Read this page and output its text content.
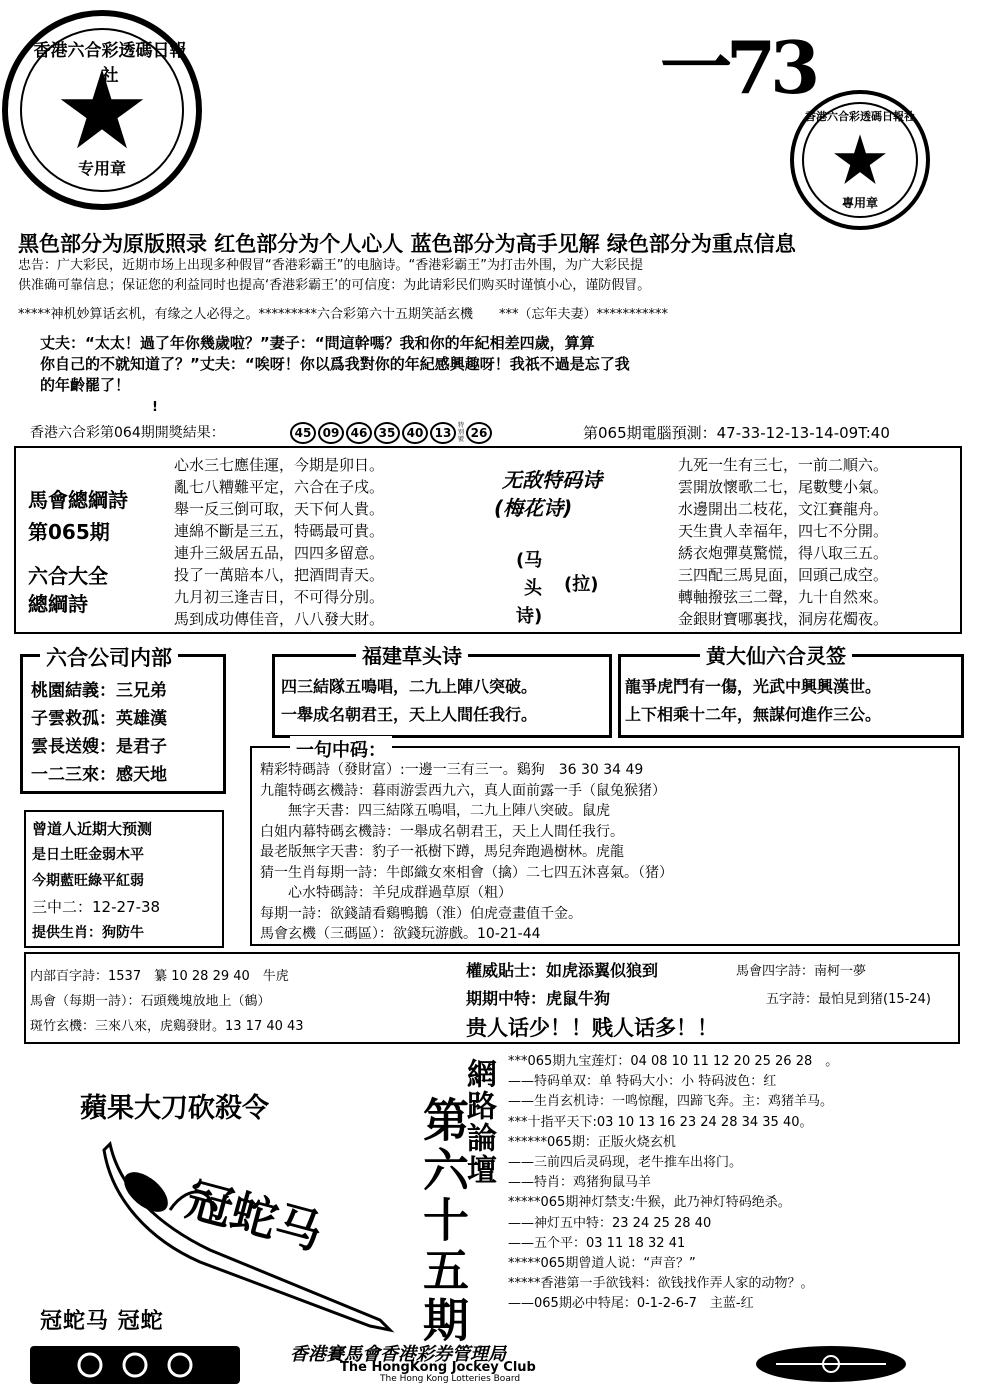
香港六合彩透碼日報社
专用章
一73
香港六合彩透碼日報社
專用章
黑色部分为原版照录 红色部分为个人心人 蓝色部分为高手见解 绿色部分为重点信息
忠告：广大彩民，近期市场上出现多种假冒“香港彩霸王”的电脑诗。“香港彩霸王”为打击外围，为广大彩民提
供准确可靠信息；保证您的利益同时也提高‘香港彩霸王’的可信度：为此请彩民们购买时谨慎小心，谨防假冒。
*****神机妙算话玄机，有缘之人必得之。*********六合彩第六十五期笑話玄機　　***（忘年夫妻）***********
丈夫：“太太！過了年你幾歲啦？”妻子：“問這幹嗎？我和你的年紀相差四歲，算算
你自己的不就知道了？”丈夫：“唉呀！你以爲我對你的年紀感興趣呀！我祇不過是忘了我
的年齡罷了！
!
香港六合彩第064期開獎結果：	45 09 46 35 40 13特別號 26	第065期電腦預測：47-33-12-13-14-09T:40
馬會總綱詩
第065期
六合大全
總綱詩
心水三七應佳運，今期是卯日。
亂七八糟難平定，六合在子戌。
舉一反三倒可取，天下何人貴。
連綿不斷是三五，特碼最可貴。
連升三級居五品，四四多留意。
投了一萬賠本八，把酒問青天。
九月初三逢吉日，不可得分別。
馬到成功傳佳音，八八發大財。
无敌特码诗
(梅花诗)
(马
头 (拉)
诗)
九死一生有三七，一前二順六。
雲開放懷歌二七，尾數雙小氣。
水邊開出二枝花，文江賽龍舟。
天生貴人幸福年，四七不分開。
綉衣炮彈莫驚慌，得八取三五。
三四配三馬見面，回頭己成空。
轉軸撥弦三二聲，九十自然來。
金銀財寶哪裏找，洞房花燭夜。
桃園結義：三兄弟
子雲救孤：英雄漢
雲長送嫂：是君子
一二三來：感天地
六合公司内部
四三結隊五鳴唱，二九上陣八突破。
一舉成名朝君王，天上人間任我行。
福建草头诗
龍爭虎鬥有一傷，光武中興興漢世。
上下相乘十二年，無謀何進作三公。
黄大仙六合灵签
曾道人近期大预测
是日土旺金弱木平
今期藍旺綠平紅弱
三中二：12-27-38
提供生肖：狗防牛
精彩特碼詩（發財富）:一邊一三有三一。鷄狗　36 30 34 49
九龍特碼玄機詩：暮雨游雲西九六，真人面前露一手（鼠兔猴猪）
　　無字天書：四三結隊五鳴唱，二九上陣八突破。鼠虎
白姐内幕特碼玄機詩：一舉成名朝君王，天上人間任我行。
最老版無字天書：豹子一祇樹下蹲，馬兒奔跑過樹林。虎龍
猜一生肖每期一詩：牛郎織女來相會（擒）二七四五沐喜氣。（猪）
　　心水特碼詩：羊兒成群過草原（粗）
每期一詩：欲錢請看鷄鴨鵝（淮）伯虎壹畫值千金。
馬會玄機（三碼區）：欲錢玩游戲。10-21-44
一句中码：
内部百字詩：1537　纂 10 28 29 40　牛虎
馬會（每期一詩）：石頭幾塊放地上（鶴）
斑竹玄機：三來八來，虎鷄發財。13 17 40 43
權威貼士：如虎添翼似狼到	馬會四字詩：南柯一夢
期期中特：虎鼠牛狗	五字詩：最怕見到猪(15-24)
贵人话少！！贱人话多！！
蘋果大刀砍殺令
冠蛇马
冠蛇马 冠蛇
網路論壇
第六十五期
***065期九宝莲灯：04 08 10 11 12 20 25 26 28　。
——特码单双：单 特码大小：小 特码波色：红
——生肖玄机诗：一鸣惊醒，四蹄飞奔。主：鸡猪羊马。
***十指平天下:03 10 13 16 23 24 28 34 35 40。
******065期：正版火烧玄机
——三前四后灵码现，老牛推车出将门。
——特肖：鸡猪狗鼠马羊
*****065期神灯禁支:牛猴，此乃神灯特码绝杀。
——神灯五中特：23 24 25 28 40
——五个平：03 11 18 32 41
*****065期曾道人说：“声音？”
*****香港第一手欲钱料：欲钱找作弄人家的动物？。
——065期必中特尾：0-1-2-6-7　主蓝-红
香港賽馬會香港彩券管理局
The HongKong Jockey Club
The Hong Kong Lotteries Board
